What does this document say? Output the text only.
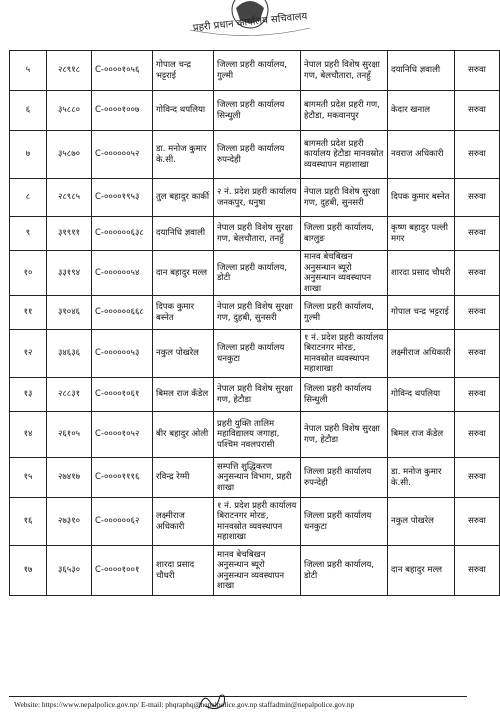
प्रहरी प्रधान कार्यालय सचिवालय
५	२८९१८	C-००००१०५६	गोपाल चन्द्र भट्टराई	जिल्ला प्रहरी कार्यालय, गुल्मी	नेपाल प्रहरी विशेष सुरक्षा गण, बेलचौतारा, तनहुँ	दयानिधि ज्ञवाली	सरुवा
६	३५८८०	C-००००१००७	गोविन्द थपलिया	जिल्ला प्रहरी कार्यालय सिन्धुली	बागमती प्रदेश प्रहरी गण, हेटौडा, मकवानपुर	केदार खनाल	सरुवा
७	३५८७०	C-००००००५२	डा. मनोज कुमार के.सी.	जिल्ला प्रहरी कार्यालय रुपन्देही	बागमती प्रदेश प्रहरी कार्यालय हेटौडा मानवस्रोत व्यवस्थापन महाशाखा	नवराज अधिकारी	सरुवा
८	२८९८५	C-००००१९५३	तुल बहादुर कार्की	२ नं. प्रदेश प्रहरी कार्यालय जनकपुर, धनुषा	नेपाल प्रहरी विशेष सुरक्षा गण, दुहबी, सुनसरी	दिपक कुमार बस्नेत	सरुवा
९	३१९११	C-००००००६३८	दयानिधि ज्ञवाली	नेपाल प्रहरी विशेष सुरक्षा गण, बेलचौतारा, तनहुँ	जिल्ला प्रहरी कार्यालय, बाग्लुङ	कृष्ण बहादुर पल्ली मगर	सरुवा
१०	३३१९४	C-००००००५४	दान बहादुर मल्ल	जिल्ला प्रहरी कार्यालय, डोटी	मानव बेचबिखन अनुसन्धान ब्यूरो अनुसन्धान व्यवस्थापन शाखा	शारदा प्रसाद चौधरी	सरुवा
११	३१०४६	C-००००००६६८	दिपक कुमार बस्नेत	नेपाल प्रहरी विशेष सुरक्षा गण, दुहबी, सुनसरी	जिल्ला प्रहरी कार्यालय, गुल्मी	गोपाल चन्द्र भट्टराई	सरुवा
१२	३४६३६	C-००००००५३	नकुल पोखरेल	जिल्ला प्रहरी कार्यालय धनकुटा	१ नं. प्रदेश प्रहरी कार्यालय बिराटनगर मोरङ, मानवस्रोत व्यवस्थापन महाशाखा	लक्ष्मीराज अधिकारी	सरुवा
१३	२८८३१	C-००००१०६१	बिमल राज कँडेल	नेपाल प्रहरी विशेष सुरक्षा गण, हेटौडा	जिल्ला प्रहरी कार्यालय सिन्धुली	गोविन्द थपलिया	सरुवा
१४	२६१०५	C-००००१०५२	बीर बहादुर ओली	प्रहरी युक्ति तालिम महाविद्यालय जगाहा, पश्चिम नवलपरासी	नेपाल प्रहरी विशेष सुरक्षा गण, हेटौडा	बिमल राज कँडेल	सरुवा
१५	२७४१७	C-००००१११६	रविन्द्र रेग्मी	सम्पत्ति शुद्धिकरण अनुसन्धान विभाग, प्रहरी शाखा	जिल्ला प्रहरी कार्यालय रुपन्देही	डा. मनोज कुमार के.सी.	सरुवा
१६	२७३१०	C-००००००६२	लक्ष्मीराज अधिकारी	१ नं. प्रदेश प्रहरी कार्यालय बिराटनगर मोरङ, मानवस्रोत व्यवस्थापन महाशाखा	जिल्ला प्रहरी कार्यालय धनकुटा	नकुल पोखरेल	सरुवा
१७	३६५३०	C-००००१००१	शारदा प्रसाद चौधरी	मानव बेचबिखन अनुसन्धान ब्यूरो अनुसन्धान व्यवस्थापन शाखा	जिल्ला प्रहरी कार्यालय, डोटी	दान बहादुर मल्ल	सरुवा
Website: https://www.nepalpolice.gov.np/ E-mail: phqraphq@nepalpolice.gov.np staffadmin@nepalpolice.gov.np
